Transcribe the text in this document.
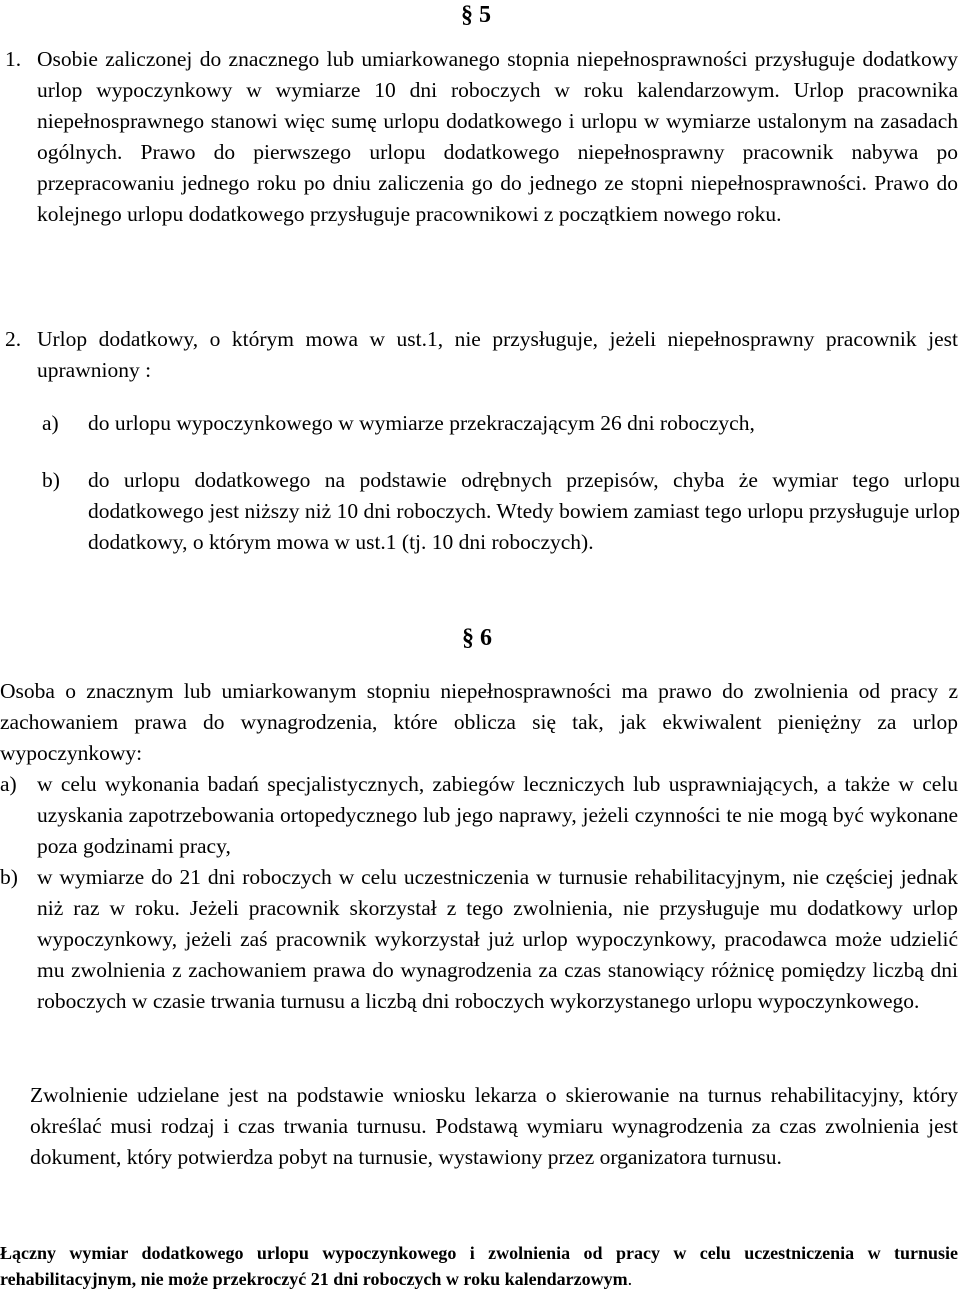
§ 5
1. Osobie zaliczonej do znacznego lub umiarkowanego stopnia niepełnosprawności przysługuje dodatkowy urlop wypoczynkowy w wymiarze 10 dni roboczych w roku kalendarzowym. Urlop pracownika niepełnosprawnego stanowi więc sumę urlopu dodatkowego i urlopu w wymiarze ustalonym na zasadach ogólnych. Prawo do pierwszego urlopu dodatkowego niepełnosprawny pracownik nabywa po przepracowaniu jednego roku po dniu zaliczenia go do jednego ze stopni niepełnosprawności. Prawo do kolejnego urlopu dodatkowego przysługuje pracownikowi z początkiem nowego roku.
2. Urlop dodatkowy, o którym mowa w ust.1, nie przysługuje, jeżeli niepełnosprawny pracownik jest uprawniony :
a) do urlopu wypoczynkowego w wymiarze przekraczającym 26 dni roboczych,
b) do urlopu dodatkowego na podstawie odrębnych przepisów, chyba że wymiar tego urlopu dodatkowego jest niższy niż 10 dni roboczych. Wtedy bowiem zamiast tego urlopu przysługuje urlop dodatkowy, o którym mowa w ust.1 (tj. 10 dni roboczych).
§ 6

Osoba o znacznym lub umiarkowanym stopniu niepełnosprawności ma prawo do zwolnienia od pracy z zachowaniem prawa do wynagrodzenia, które oblicza się tak, jak ekwiwalent pieniężny za urlop wypoczynkowy:

a) w celu wykonania badań specjalistycznych, zabiegów leczniczych lub usprawniających, a także w celu uzyskania zapotrzebowania ortopedycznego lub jego naprawy, jeżeli czynności te nie mogą być wykonane poza godzinami pracy,
b) w wymiarze do 21 dni roboczych w celu uczestniczenia w turnusie rehabilitacyjnym, nie częściej jednak niż raz w roku. Jeżeli pracownik skorzystał z tego zwolnienia, nie przysługuje mu dodatkowy urlop wypoczynkowy, jeżeli zaś pracownik wykorzystał już urlop wypoczynkowy, pracodawca może udzielić mu zwolnienia z zachowaniem prawa do wynagrodzenia za czas stanowiący różnicę pomiędzy liczbą dni roboczych w czasie trwania turnusu a liczbą dni roboczych wykorzystanego urlopu wypoczynkowego.

Zwolnienie udzielane jest na podstawie wniosku lekarza o skierowanie na turnus rehabilitacyjny, który określać musi rodzaj i czas trwania turnusu. Podstawą wymiaru wynagrodzenia za czas zwolnienia jest dokument, który potwierdza pobyt na turnusie, wystawiony przez organizatora turnusu.

Łączny wymiar dodatkowego urlopu wypoczynkowego i zwolnienia od pracy w celu uczestniczenia w turnusie rehabilitacyjnym, nie może przekroczyć 21 dni roboczych w roku kalendarzowym.
